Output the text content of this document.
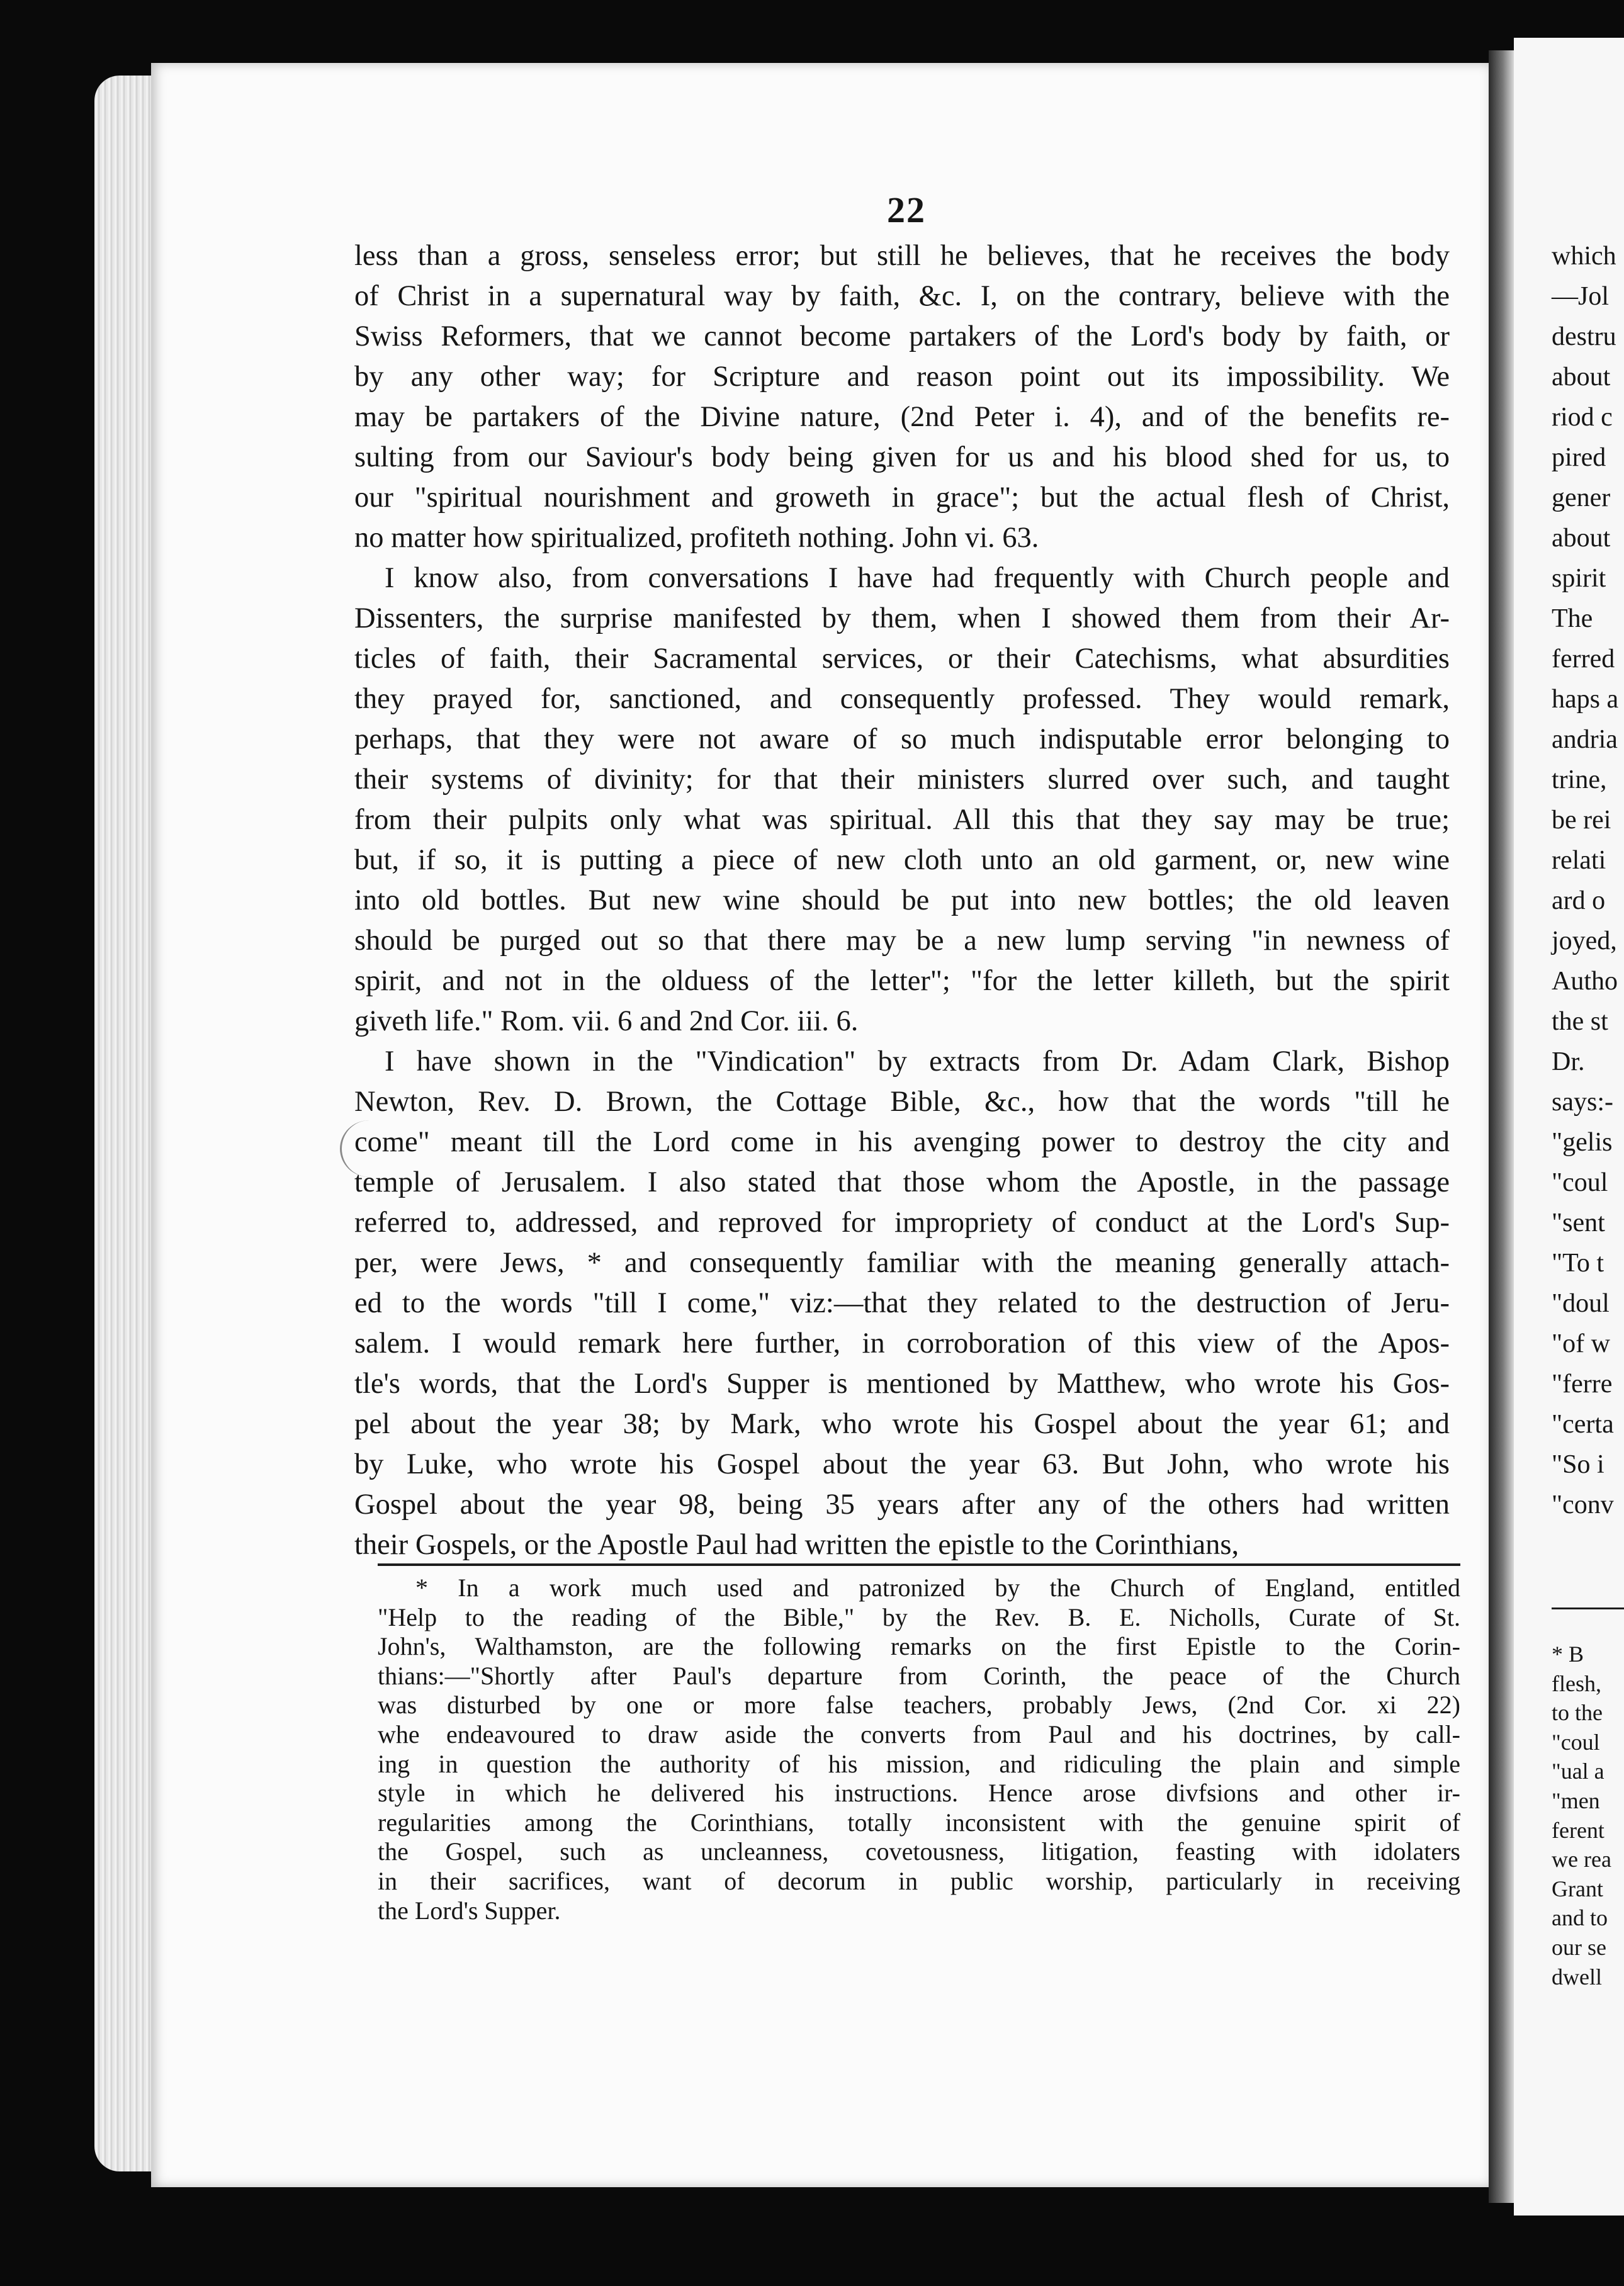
which
—Jol
destru
about
riod c
pired
gener
about
spirit
The
ferred
haps a
andria
trine,
be rei
relati
ard o
joyed,
Autho
the st
Dr.
says:-
"gelis
"coul
"sent
"To t
"doul
"of w
"ferre
"certa
"So i
"conv
* B
flesh,
to the
"coul
"ual a
"men
ferent
we rea
Grant
and to
our se
dwell
22
less than a gross, senseless error; but still he believes, that he receives the body
of Christ in a supernatural way by faith, &c. I, on the contrary, believe with the
Swiss Reformers, that we cannot become partakers of the Lord's body by faith, or
by any other way; for Scripture and reason point out its impossibility. We
may be partakers of the Divine nature, (2nd Peter i. 4), and of the benefits re-
sulting from our Saviour's body being given for us and his blood shed for us, to
our "spiritual nourishment and groweth in grace"; but the actual flesh of Christ,
no matter how spiritualized, profiteth nothing. John vi. 63.
I know also, from conversations I have had frequently with Church people and
Dissenters, the surprise manifested by them, when I showed them from their Ar-
ticles of faith, their Sacramental services, or their Catechisms, what absurdities
they prayed for, sanctioned, and consequently professed. They would remark,
perhaps, that they were not aware of so much indisputable error belonging to
their systems of divinity; for that their ministers slurred over such, and taught
from their pulpits only what was spiritual. All this that they say may be true;
but, if so, it is putting a piece of new cloth unto an old garment, or, new wine
into old bottles. But new wine should be put into new bottles; the old leaven
should be purged out so that there may be a new lump serving "in newness of
spirit, and not in the olduess of the letter"; "for the letter killeth, but the spirit
giveth life." Rom. vii. 6 and 2nd Cor. iii. 6.
I have shown in the "Vindication" by extracts from Dr. Adam Clark, Bishop
Newton, Rev. D. Brown, the Cottage Bible, &c., how that the words "till he
come" meant till the Lord come in his avenging power to destroy the city and
temple of Jerusalem. I also stated that those whom the Apostle, in the passage
referred to, addressed, and reproved for impropriety of conduct at the Lord's Sup-
per, were Jews, * and consequently familiar with the meaning generally attach-
ed to the words "till I come," viz:—that they related to the destruction of Jeru-
salem. I would remark here further, in corroboration of this view of the Apos-
tle's words, that the Lord's Supper is mentioned by Matthew, who wrote his Gos-
pel about the year 38; by Mark, who wrote his Gospel about the year 61; and
by Luke, who wrote his Gospel about the year 63. But John, who wrote his
Gospel about the year 98, being 35 years after any of the others had written
their Gospels, or the Apostle Paul had written the epistle to the Corinthians,
* In a work much used and patronized by the Church of England, entitled
"Help to the reading of the Bible," by the Rev. B. E. Nicholls, Curate of St.
John's, Walthamston, are the following remarks on the first Epistle to the Corin-
thians:—"Shortly after Paul's departure from Corinth, the peace of the Church
was disturbed by one or more false teachers, probably Jews, (2nd Cor. xi 22)
whe endeavoured to draw aside the converts from Paul and his doctrines, by call-
ing in question the authority of his mission, and ridiculing the plain and simple
style in which he delivered his instructions. Hence arose divfsions and other ir-
regularities among the Corinthians, totally inconsistent with the genuine spirit of
the Gospel, such as uncleanness, covetousness, litigation, feasting with idolaters
in their sacrifices, want of decorum in public worship, particularly in receiving
the Lord's Supper.
